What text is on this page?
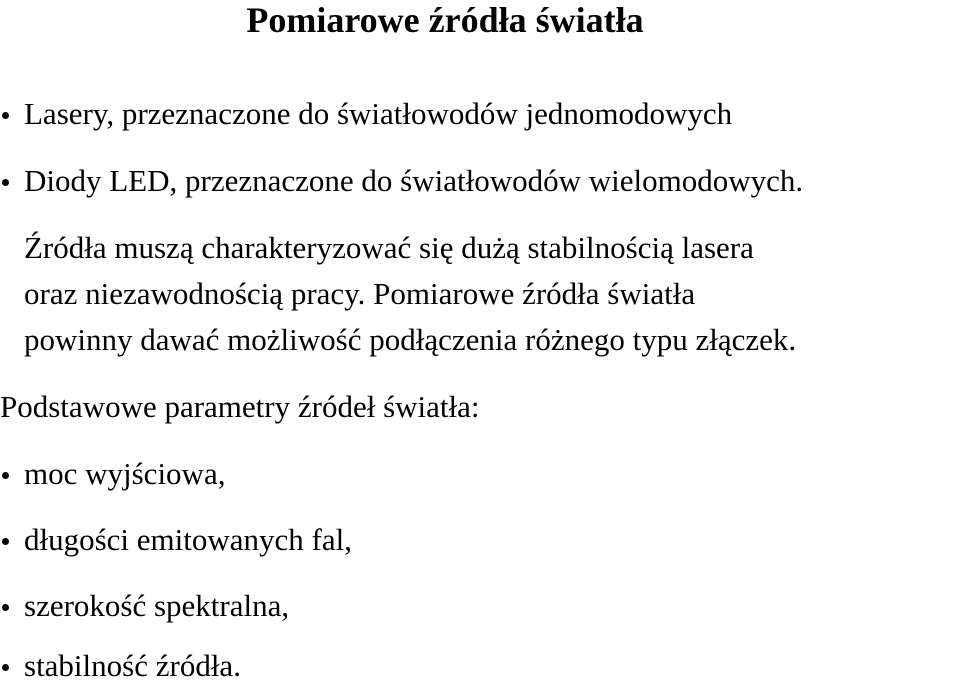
Pomiarowe źródła światła
Lasery, przeznaczone do światłowodów jednomodowych
Diody LED, przeznaczone do światłowodów wielomodowych.
Źródła muszą charakteryzować się dużą stabilnością lasera
oraz niezawodnością pracy. Pomiarowe źródła światła
powinny dawać możliwość podłączenia różnego typu złączek.
Podstawowe parametry źródeł światła:
moc wyjściowa,
długości emitowanych fal,
szerokość spektralna,
stabilność źródła.
